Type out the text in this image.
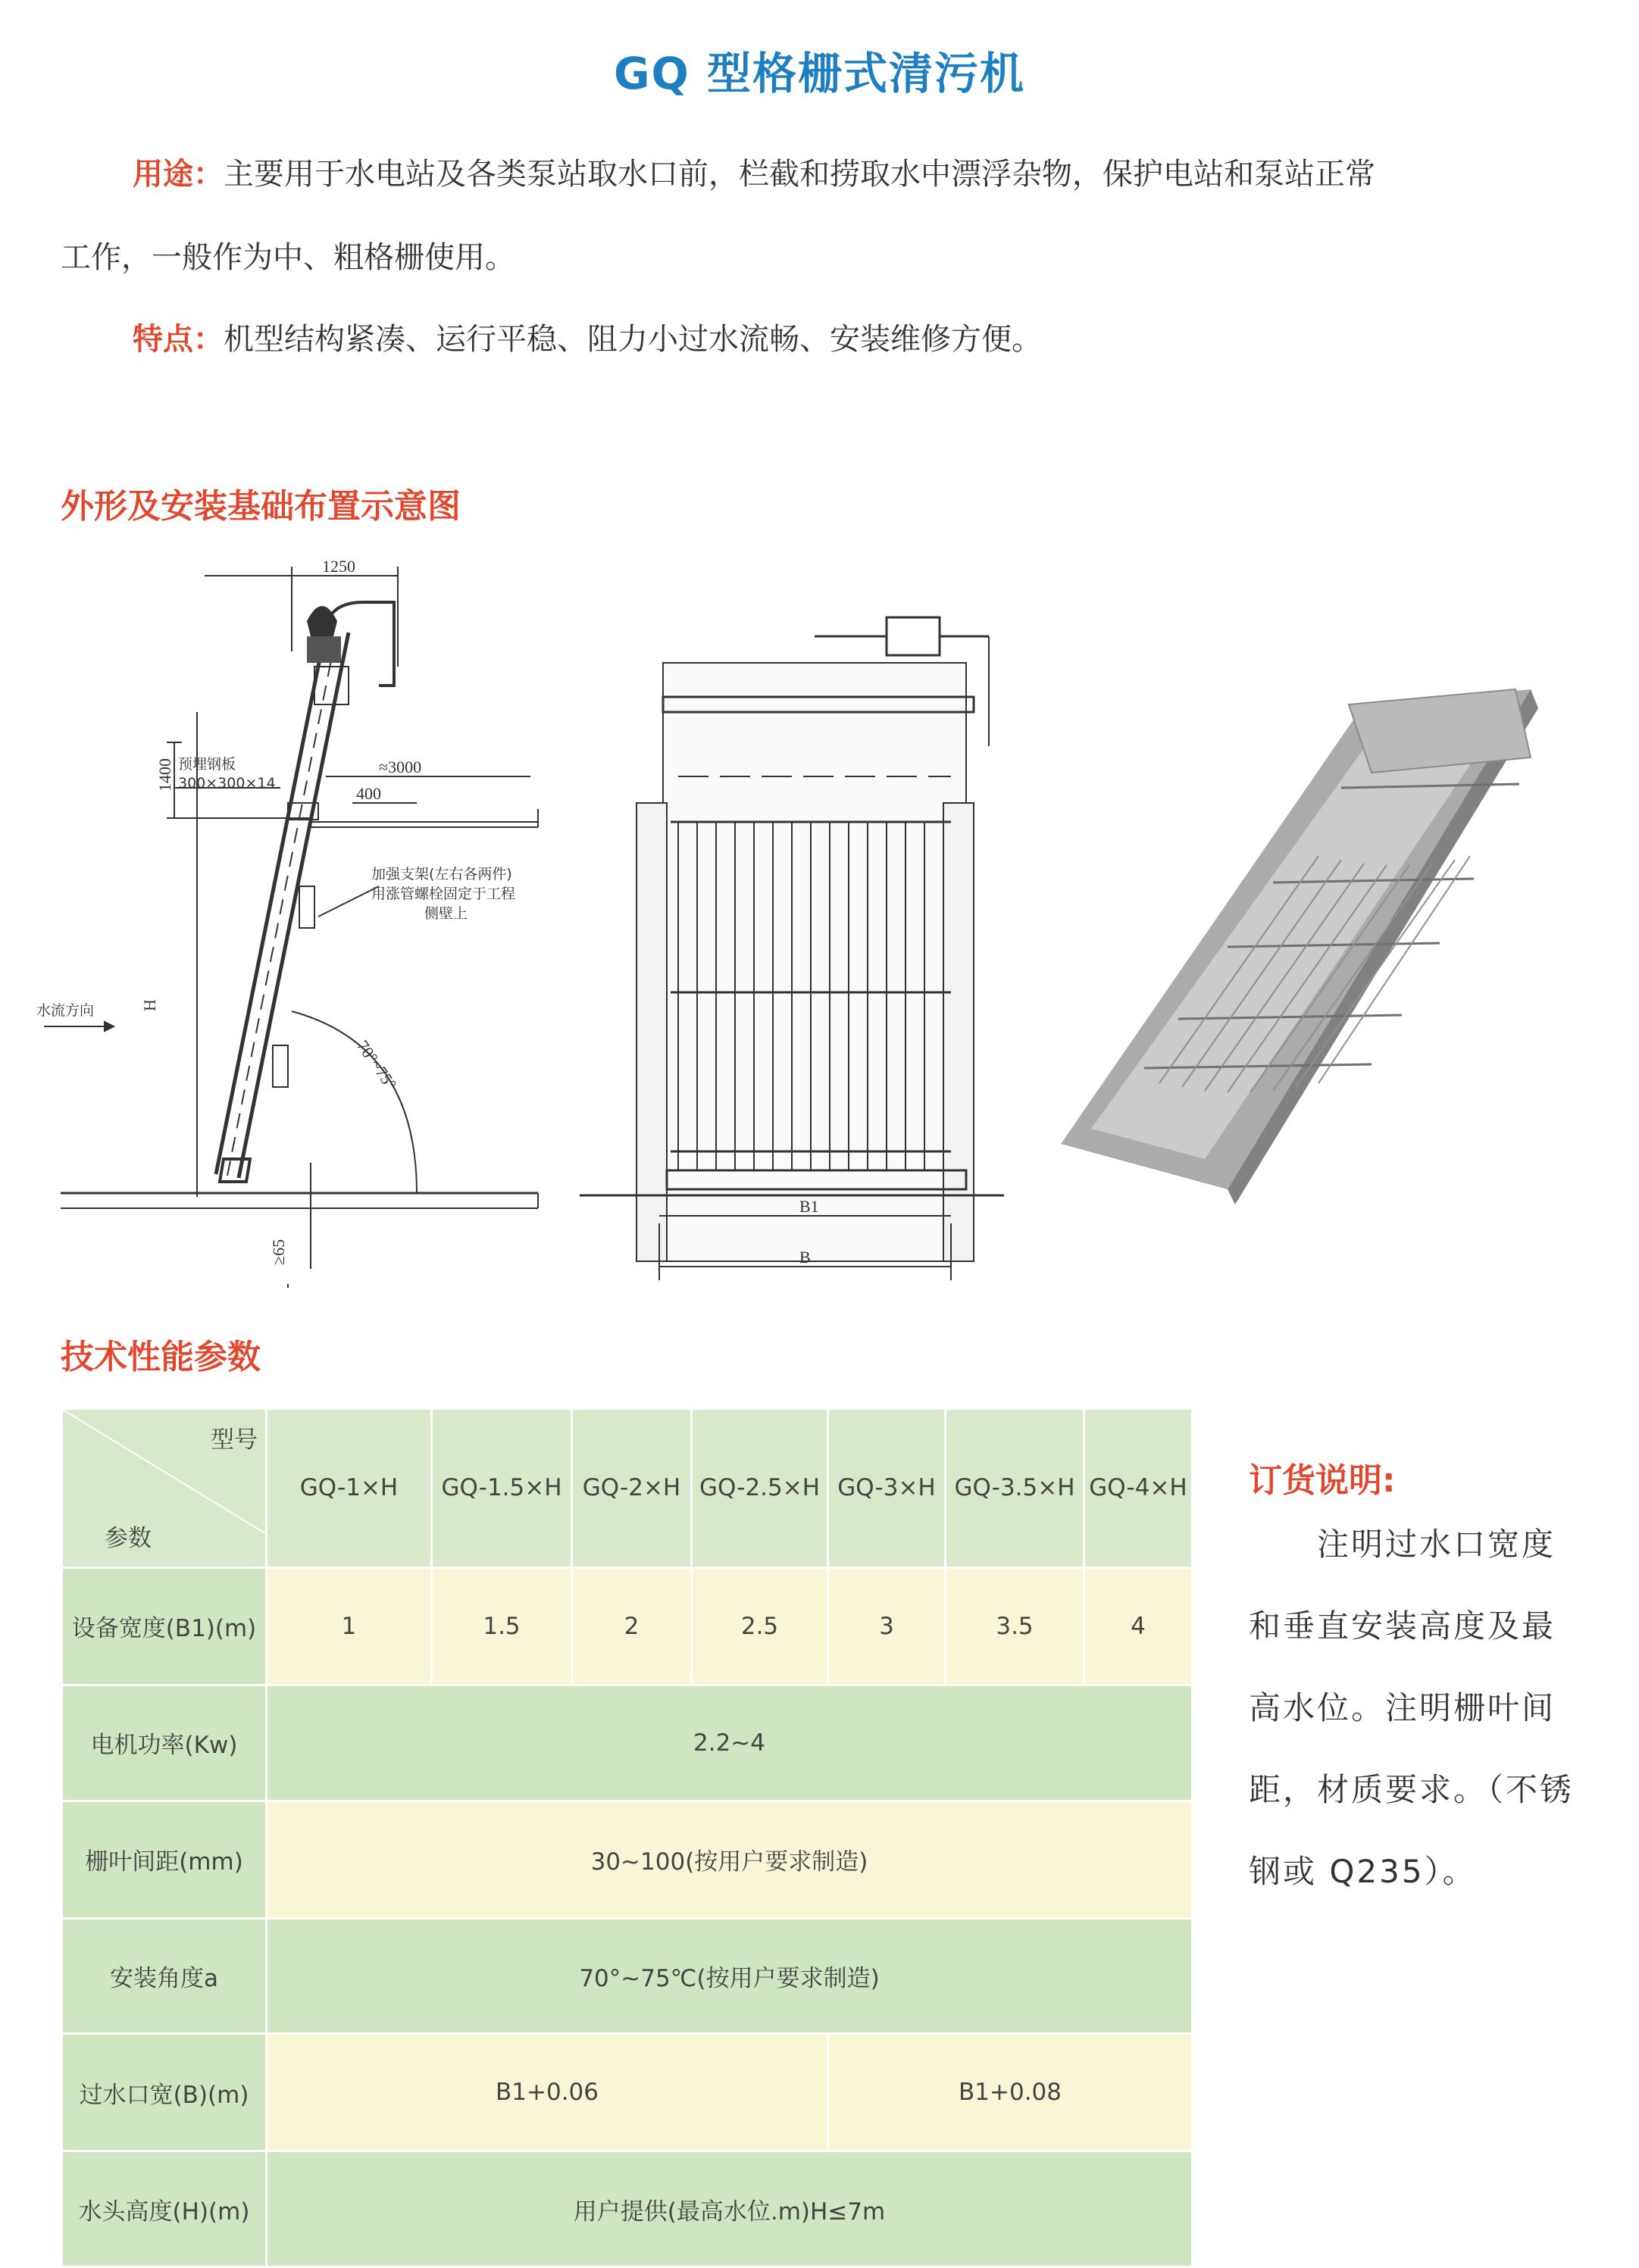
GQ 型格栅式清污机
用途：主要用于水电站及各类泵站取水口前，栏截和捞取水中漂浮杂物，保护电站和泵站正常
工作，一般作为中、粗格栅使用。
特点：机型结构紧凑、运行平稳、阻力小过水流畅、安装维修方便。
外形及安装基础布置示意图
1250
1400	≈3000
400
预埋钢板
300×300×14
加强支架(左右各两件)
用涨管螺栓固定于工程
侧壁上
水流方向	H
70°~75°
≥65
B1
B
技术性能参数
型号
参数	GQ-1×H	GQ-1.5×H	GQ-2×H	GQ-2.5×H	GQ-3×H	GQ-3.5×H	GQ-4×H
设备宽度(B1)(m)	1	1.5	2	2.5	3	3.5	4
电机功率(Kw)	2.2~4						
栅叶间距(mm)	30~100(按用户要求制造)						
安装角度a	70°~75℃(按用户要求制造)						
过水口宽(B)(m)	B1+0.06				B1+0.08		
水头高度(H)(m)	用户提供(最高水位.m)H≤7m						
订货说明:
注明过水口宽度和垂直安装高度及最高水位。注明栅叶间距，材质要求。（不锈钢或 Q235）。
